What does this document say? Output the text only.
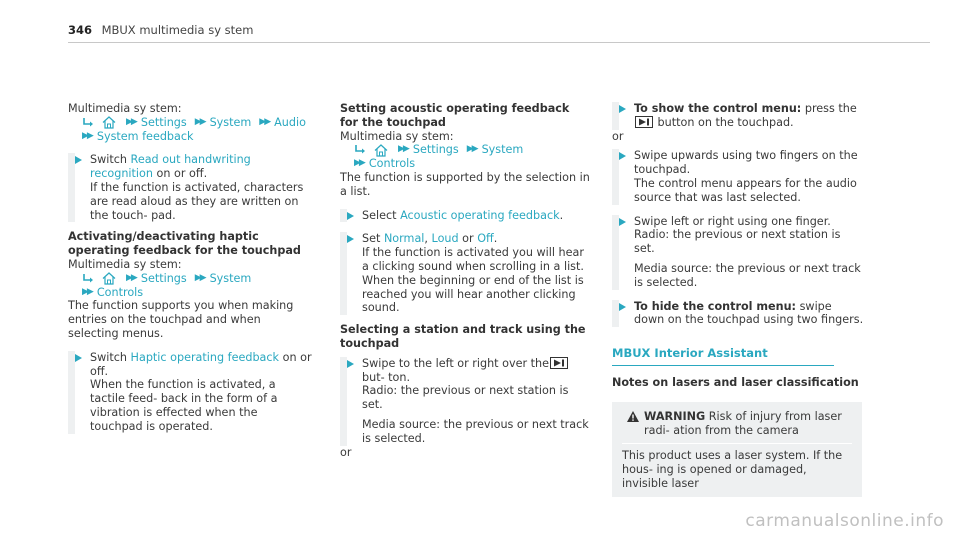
346 MBUX multimedia sy stem

Multimedia sy stem:

▶▶ Settings ▶▶ System ▶▶ Audio
▶▶ System feedback

Switch Read out handwriting recognition on or off.

If the function is activated, characters are read aloud as they are written on the touch- pad.

Activating/deactivating haptic operating feedback for the touchpad

Multimedia sy stem:

▶▶ Settings ▶▶ System
▶▶ Controls

The function supports you when making entries on the touchpad and when selecting menus.

Switch Haptic operating feedback on or off.

When the function is activated, a tactile feed- back in the form of a vibration is effected when the touchpad is operated.

Setting acoustic operating feedback for the touchpad

Multimedia sy stem:

▶▶ Settings ▶▶ System
▶▶ Controls

The function is supported by the selection in a list.

Select Acoustic operating feedback.

Set Normal, Loud or Off.

If the function is activated you will hear a clicking sound when scrolling in a list. When the beginning or end of the list is reached you will hear another clicking sound.

Selecting a station and track using the touchpad

Swipe to the left or right over the but- ton.

Radio: the previous or next station is set.

Media source: the previous or next track is selected.

or

To show the control menu: press the button on the touchpad.

or

Swipe upwards using two fingers on the touchpad.

The control menu appears for the audio source that was last selected.

Swipe left or right using one finger.

Radio: the previous or next station is set.

Media source: the previous or next track is selected.

To hide the control menu: swipe down on the touchpad using two fingers.

MBUX Interior Assistant

Notes on lasers and laser classification

WARNING Risk of injury from laser radi- ation from the camera

This product uses a laser system. If the hous- ing is opened or damaged, invisible laser

carmanualsonline.info
